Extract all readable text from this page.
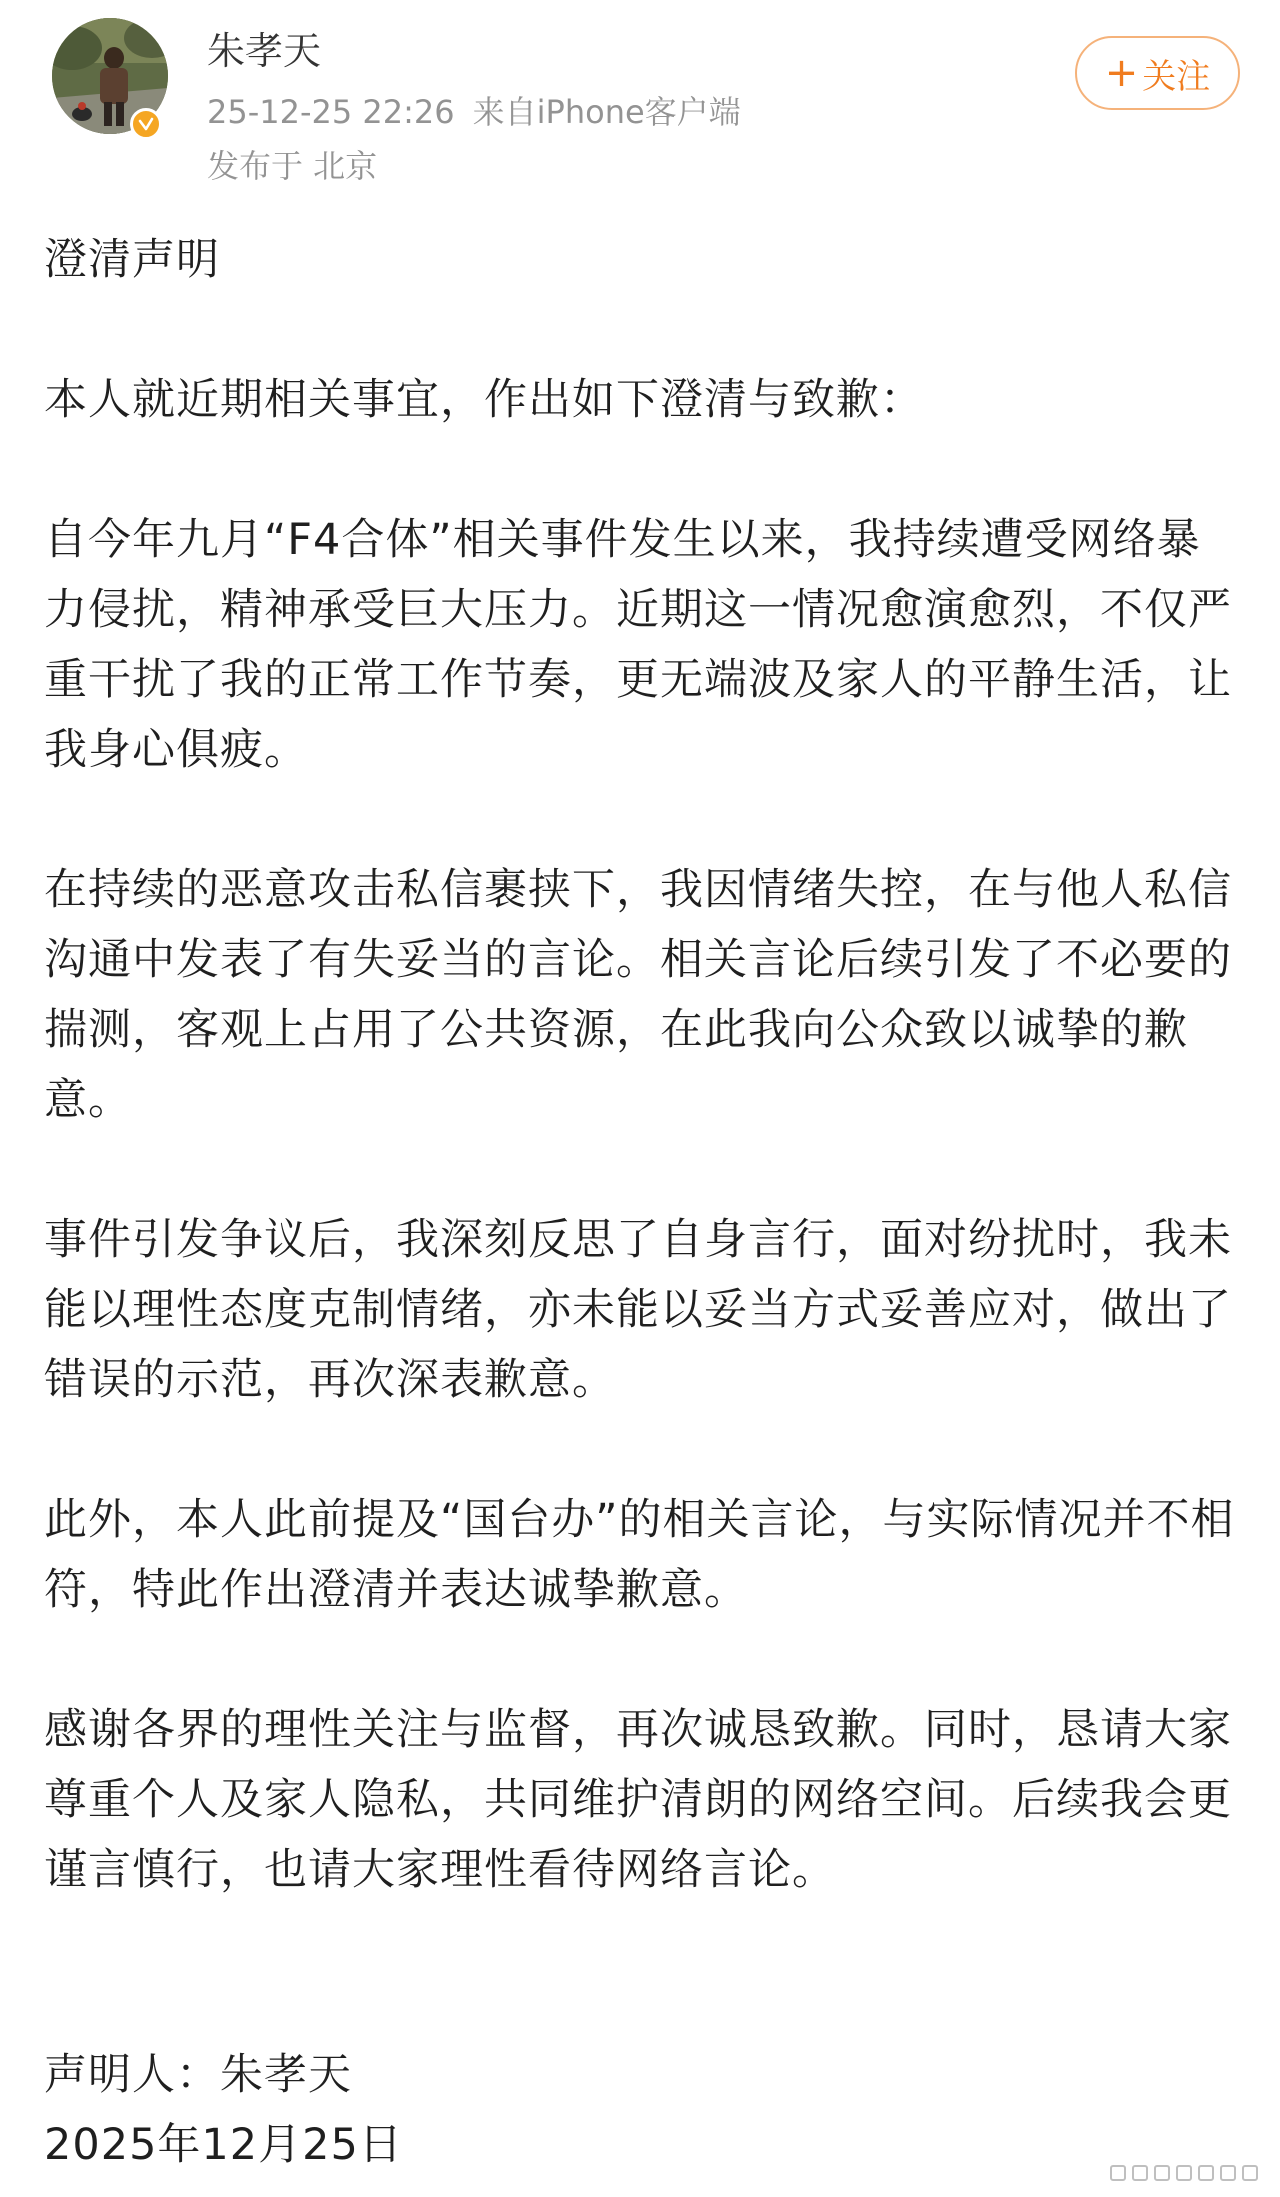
朱孝天
25-12-25 22:26 来自iPhone客户端
发布于 北京
+ 关注

澄清声明

本人就近期相关事宜，作出如下澄清与致歉：

自今年九月“F4合体”相关事件发生以来，我持续遭受网络暴力侵扰，精神承受巨大压力。近期这一情况愈演愈烈，不仅严重干扰了我的正常工作节奏，更无端波及家人的平静生活，让我身心俱疲。

在持续的恶意攻击私信裹挟下，我因情绪失控，在与他人私信沟通中发表了有失妥当的言论。相关言论后续引发了不必要的揣测，客观上占用了公共资源，在此我向公众致以诚挚的歉意。

事件引发争议后，我深刻反思了自身言行，面对纷扰时，我未能以理性态度克制情绪，亦未能以妥当方式妥善应对，做出了错误的示范，再次深表歉意。

此外，本人此前提及“国台办”的相关言论，与实际情况并不相符，特此作出澄清并表达诚挚歉意。

感谢各界的理性关注与监督，再次诚恳致歉。同时，恳请大家尊重个人及家人隐私，共同维护清朗的网络空间。后续我会更谨言慎行，也请大家理性看待网络言论。

声明人：朱孝天
2025年12月25日
